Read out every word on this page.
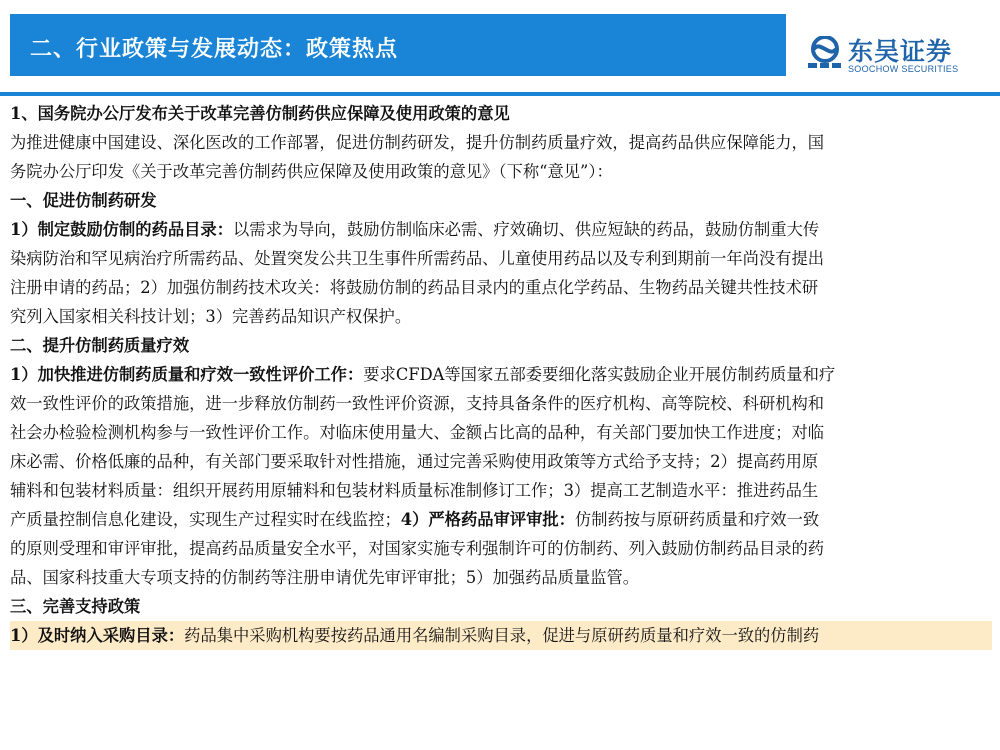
二、行业政策与发展动态：政策热点	东吴证券
SOOCHOW SECURITIES
1、国务院办公厅发布关于改革完善仿制药供应保障及使用政策的意见
为推进健康中国建设、深化医改的工作部署，促进仿制药研发，提升仿制药质量疗效，提高药品供应保障能力，国
务院办公厅印发《关于改革完善仿制药供应保障及使用政策的意见》（下称“意见”）：
一、促进仿制药研发
1）制定鼓励仿制的药品目录：以需求为导向，鼓励仿制临床必需、疗效确切、供应短缺的药品，鼓励仿制重大传
染病防治和罕见病治疗所需药品、处置突发公共卫生事件所需药品、儿童使用药品以及专利到期前一年尚没有提出
注册申请的药品；2）加强仿制药技术攻关：将鼓励仿制的药品目录内的重点化学药品、生物药品关键共性技术研
究列入国家相关科技计划；3）完善药品知识产权保护。
二、提升仿制药质量疗效
1）加快推进仿制药质量和疗效一致性评价工作：要求CFDA等国家五部委要细化落实鼓励企业开展仿制药质量和疗
效一致性评价的政策措施，进一步释放仿制药一致性评价资源，支持具备条件的医疗机构、高等院校、科研机构和
社会办检验检测机构参与一致性评价工作。对临床使用量大、金额占比高的品种，有关部门要加快工作进度；对临
床必需、价格低廉的品种，有关部门要采取针对性措施，通过完善采购使用政策等方式给予支持；2）提高药用原
辅料和包装材料质量：组织开展药用原辅料和包装材料质量标准制修订工作；3）提高工艺制造水平：推进药品生
产质量控制信息化建设，实现生产过程实时在线监控；4）严格药品审评审批：仿制药按与原研药质量和疗效一致
的原则受理和审评审批，提高药品质量安全水平，对国家实施专利强制许可的仿制药、列入鼓励仿制药品目录的药
品、国家科技重大专项支持的仿制药等注册申请优先审评审批；5）加强药品质量监管。
三、完善支持政策
1）及时纳入采购目录：药品集中采购机构要按药品通用名编制采购目录，促进与原研药质量和疗效一致的仿制药
